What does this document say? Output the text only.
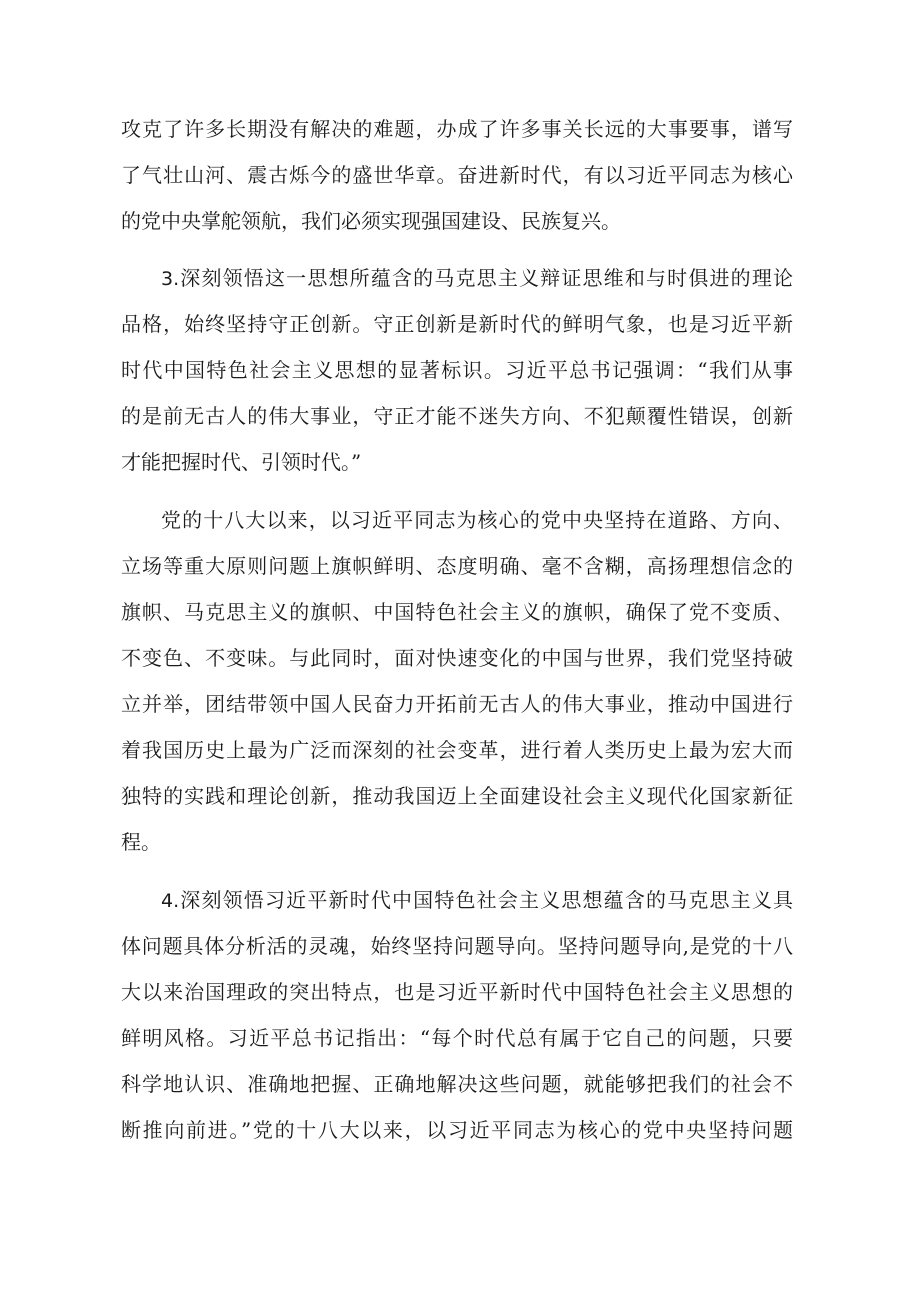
攻克了许多长期没有解决的难题，办成了许多事关长远的大事要事，谱写
了气壮山河、震古烁今的盛世华章。奋进新时代，有以习近平同志为核心
的党中央掌舵领航，我们必须实现强国建设、民族复兴。
3.深刻领悟这一思想所蕴含的马克思主义辩证思维和与时俱进的理论
品格，始终坚持守正创新。守正创新是新时代的鲜明气象，也是习近平新
时代中国特色社会主义思想的显著标识。习近平总书记强调：“我们从事
的是前无古人的伟大事业，守正才能不迷失方向、不犯颠覆性错误，创新
才能把握时代、引领时代。”
党的十八大以来，以习近平同志为核心的党中央坚持在道路、方向、
立场等重大原则问题上旗帜鲜明、态度明确、毫不含糊，高扬理想信念的
旗帜、马克思主义的旗帜、中国特色社会主义的旗帜，确保了党不变质、
不变色、不变味。与此同时，面对快速变化的中国与世界，我们党坚持破
立并举，团结带领中国人民奋力开拓前无古人的伟大事业，推动中国进行
着我国历史上最为广泛而深刻的社会变革，进行着人类历史上最为宏大而
独特的实践和理论创新，推动我国迈上全面建设社会主义现代化国家新征
程。
4.深刻领悟习近平新时代中国特色社会主义思想蕴含的马克思主义具
体问题具体分析活的灵魂，始终坚持问题导向。坚持问题导向,是党的十八
大以来治国理政的突出特点，也是习近平新时代中国特色社会主义思想的
鲜明风格。习近平总书记指出：“每个时代总有属于它自己的问题，只要
科学地认识、准确地把握、正确地解决这些问题，就能够把我们的社会不
断推向前进。”党的十八大以来，以习近平同志为核心的党中央坚持问题
